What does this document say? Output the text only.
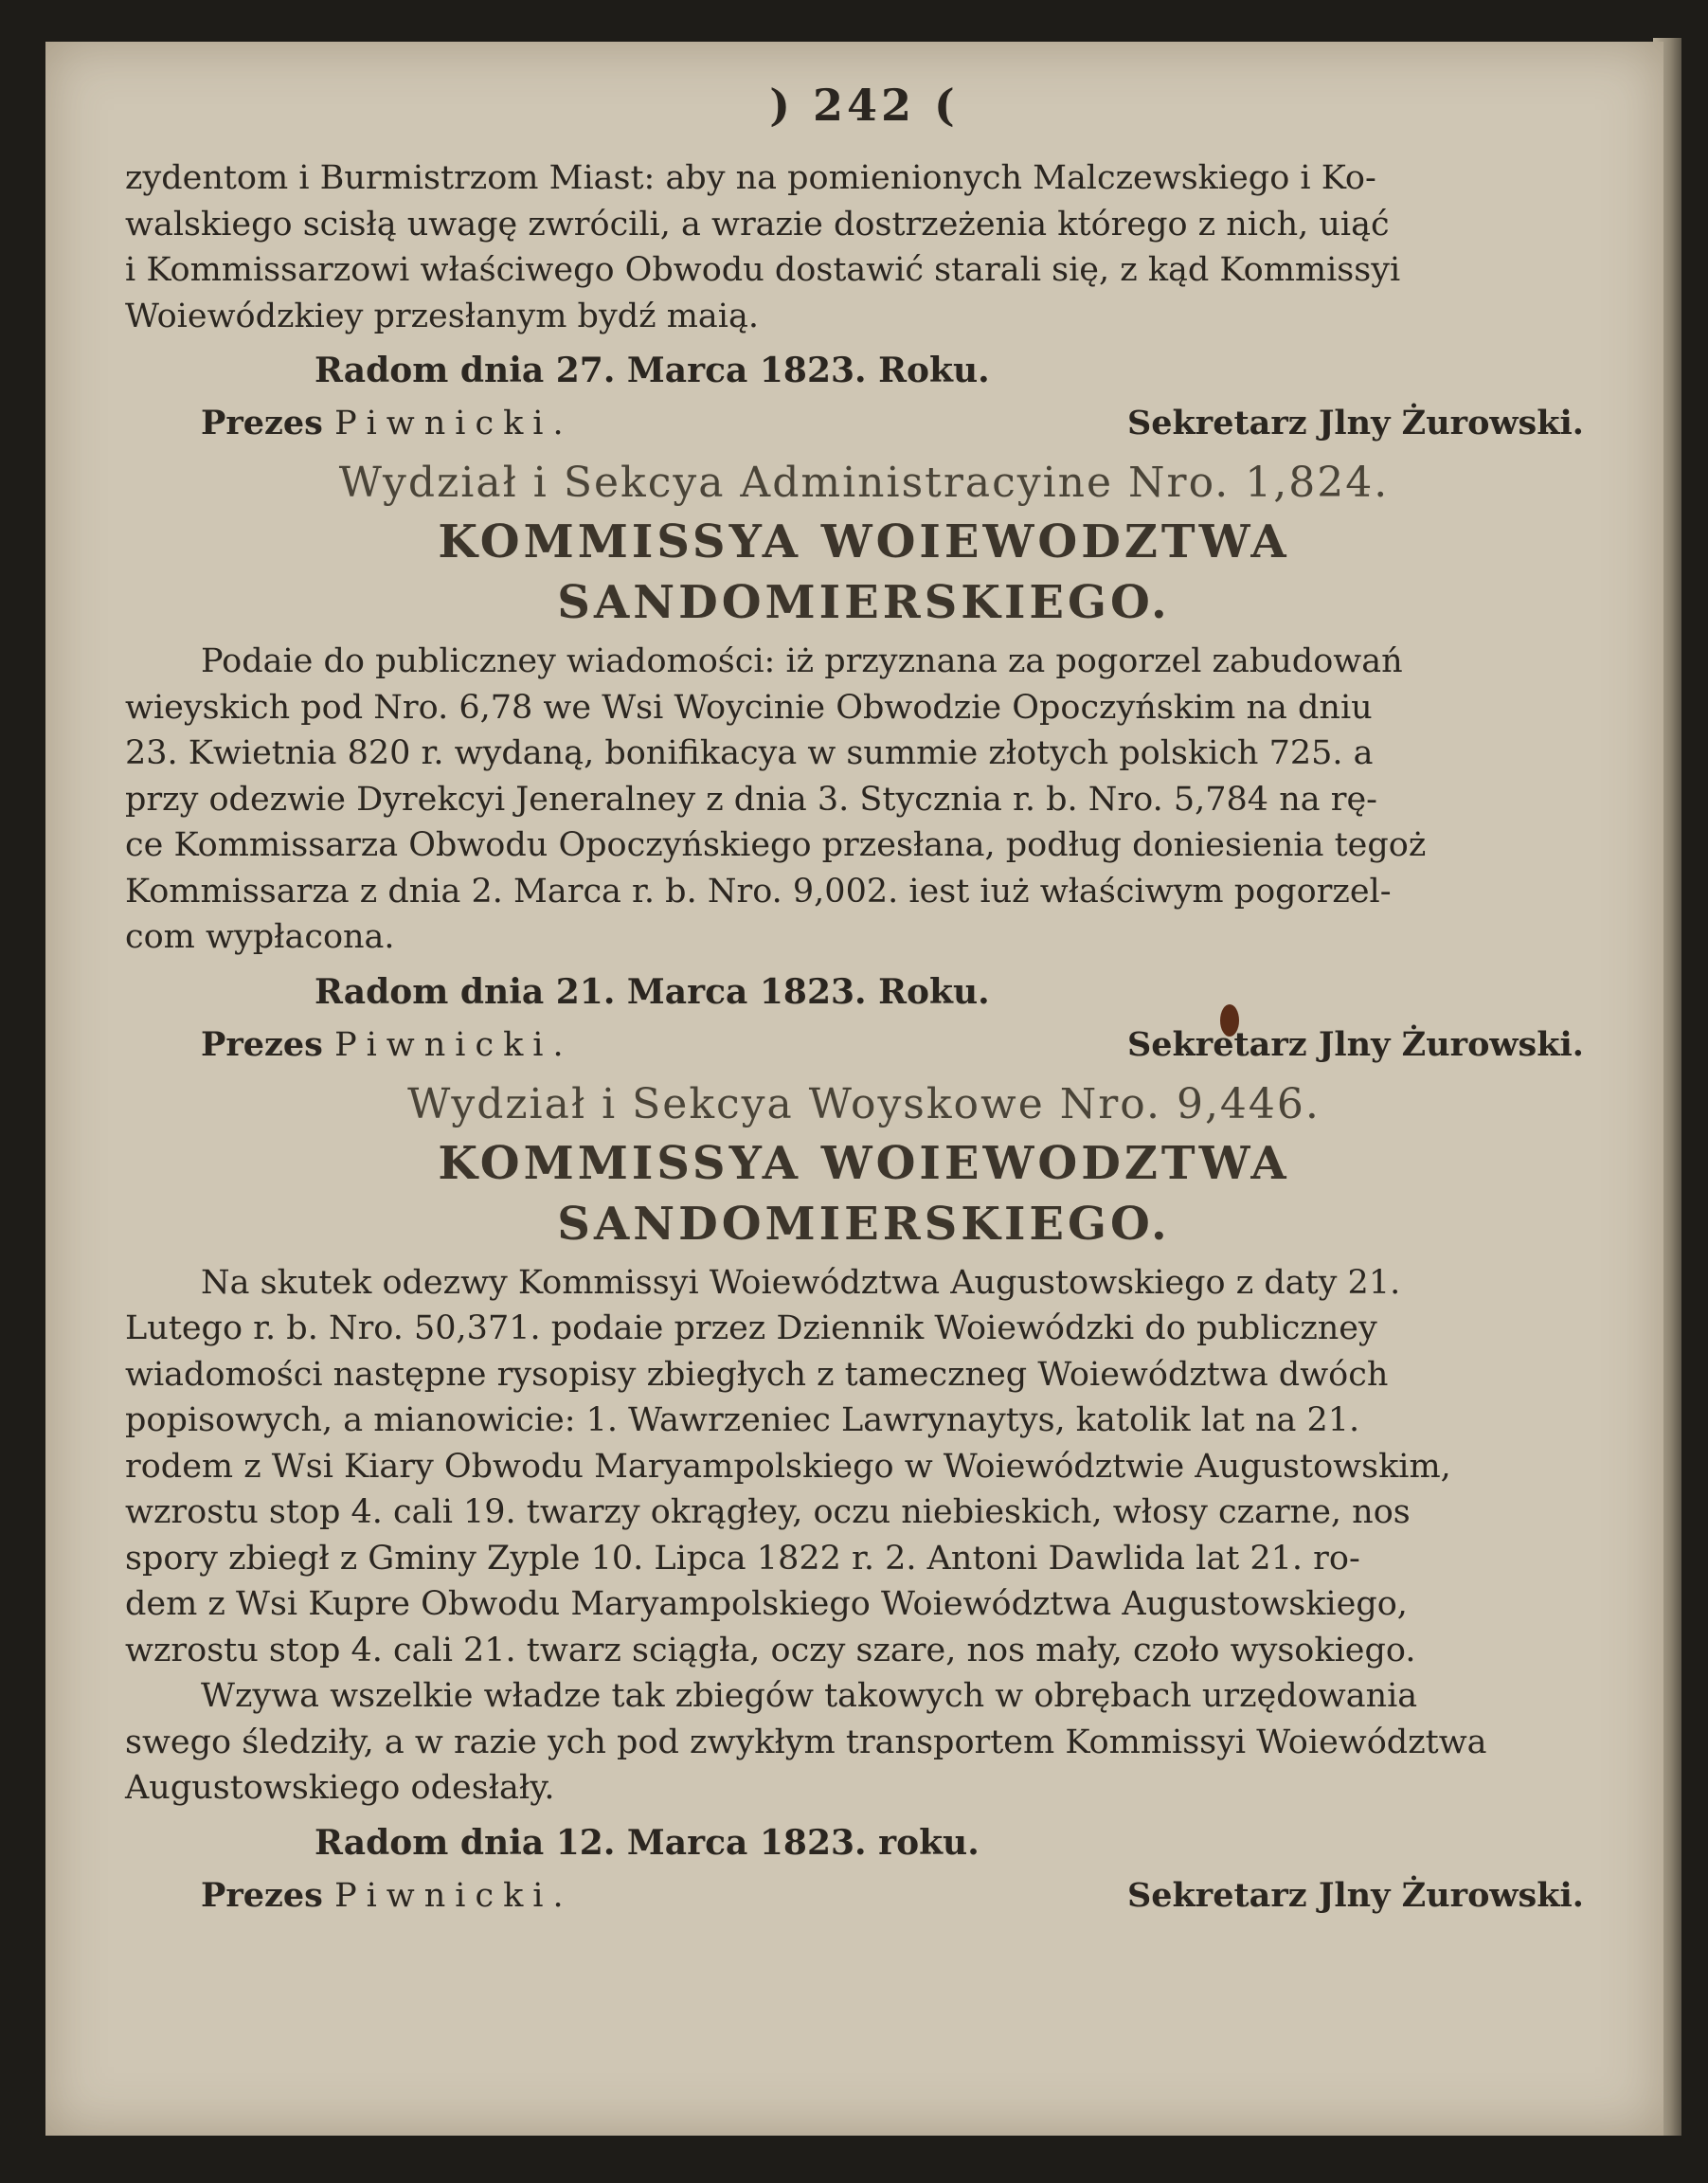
) 242 (
zydentom i Burmistrzom Miast: aby na pomienionych Malczewskiego i Ko-
walskiego scisłą uwagę zwrócili, a wrazie dostrzeżenia którego z nich, uiąć
i Kommissarzowi właściwego Obwodu dostawić starali się, z kąd Kommissyi
Woiewódzkiey przesłanym bydź maią.
Radom dnia 27. Marca 1823. Roku.
Prezes Piwnicki.	Sekretarz Jlny Żurowski.
Wydział i Sekcya Administracyine Nro. 1,824.
KOMMISSYA WOIEWODZTWA SANDOMIERSKIEGO.
Podaie do publiczney wiadomości: iż przyznana za pogorzel zabudowań
wieyskich pod Nro. 6,78 we Wsi Woycinie Obwodzie Opoczyńskim na dniu
23. Kwietnia 820 r. wydaną, bonifikacya w summie złotych polskich 725. a
przy odezwie Dyrekcyi Jeneralney z dnia 3. Stycznia r. b. Nro. 5,784 na rę-
ce Kommissarza Obwodu Opoczyńskiego przesłana, podług doniesienia tegoż
Kommissarza z dnia 2. Marca r. b. Nro. 9,002. iest iuż właściwym pogorzel-
com wypłacona.
Radom dnia 21. Marca 1823. Roku.
Prezes Piwnicki.	Sekretarz Jlny Żurowski.
Wydział i Sekcya Woyskowe Nro. 9,446.
KOMMISSYA WOIEWODZTWA SANDOMIERSKIEGO.
Na skutek odezwy Kommissyi Woiewództwa Augustowskiego z daty 21.
Lutego r. b. Nro. 50,371. podaie przez Dziennik Woiewódzki do publiczney
wiadomości następne rysopisy zbiegłych z tameczneg Woiewództwa dwóch
popisowych, a mianowicie: 1. Wawrzeniec Lawrynaytys, katolik lat na 21.
rodem z Wsi Kiary Obwodu Maryampolskiego w Woiewództwie Augustowskim,
wzrostu stop 4. cali 19. twarzy okrągłey, oczu niebieskich, włosy czarne, nos
spory zbiegł z Gminy Zyple 10. Lipca 1822 r. 2. Antoni Dawlida lat 21. ro-
dem z Wsi Kupre Obwodu Maryampolskiego Woiewództwa Augustowskiego,
wzrostu stop 4. cali 21. twarz sciągła, oczy szare, nos mały, czoło wysokiego.
Wzywa wszelkie władze tak zbiegów takowych w obrębach urzędowania
swego śledziły, a w razie ych pod zwykłym transportem Kommissyi Woiewództwa
Augustowskiego odesłały.
Radom dnia 12. Marca 1823. roku.
Prezes Piwnicki.	Sekretarz Jlny Żurowski.
